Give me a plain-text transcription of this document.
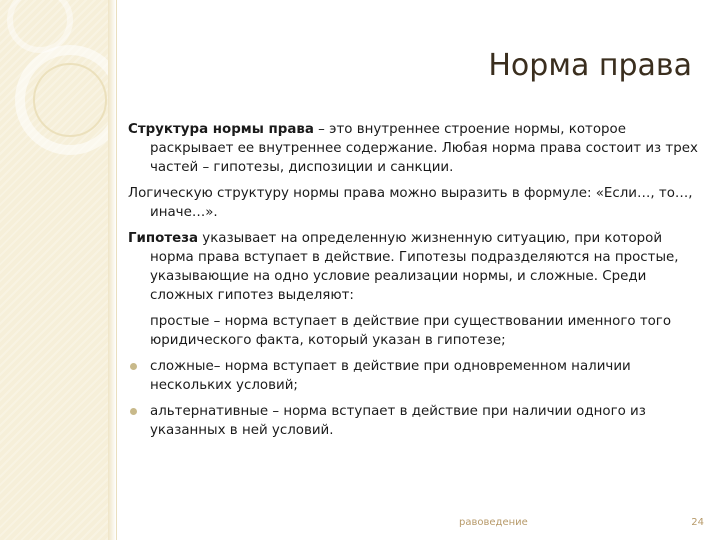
Норма права

Структура нормы права – это внутреннее строение нормы, которое раскрывает ее внутреннее содержание. Любая норма права состоит из трех частей – гипотезы, диспозиции и санкции.

Логическую структуру нормы права можно выразить в формуле: «Если…, то…, иначе…».

Гипотеза указывает на определенную жизненную ситуацию, при которой норма права вступает в действие. Гипотезы подразделяются на простые, указывающие на одно условие реализации нормы, и сложные. Среди сложных гипотез выделяют:

простые – норма вступает в действие при существовании именного того юридического факта, который указан в гипотезе;

сложные– норма вступает в действие при одновременном наличии нескольких условий;
альтернативные – норма вступает в действие при наличии одного из указанных в ней условий.
равоведение	24
